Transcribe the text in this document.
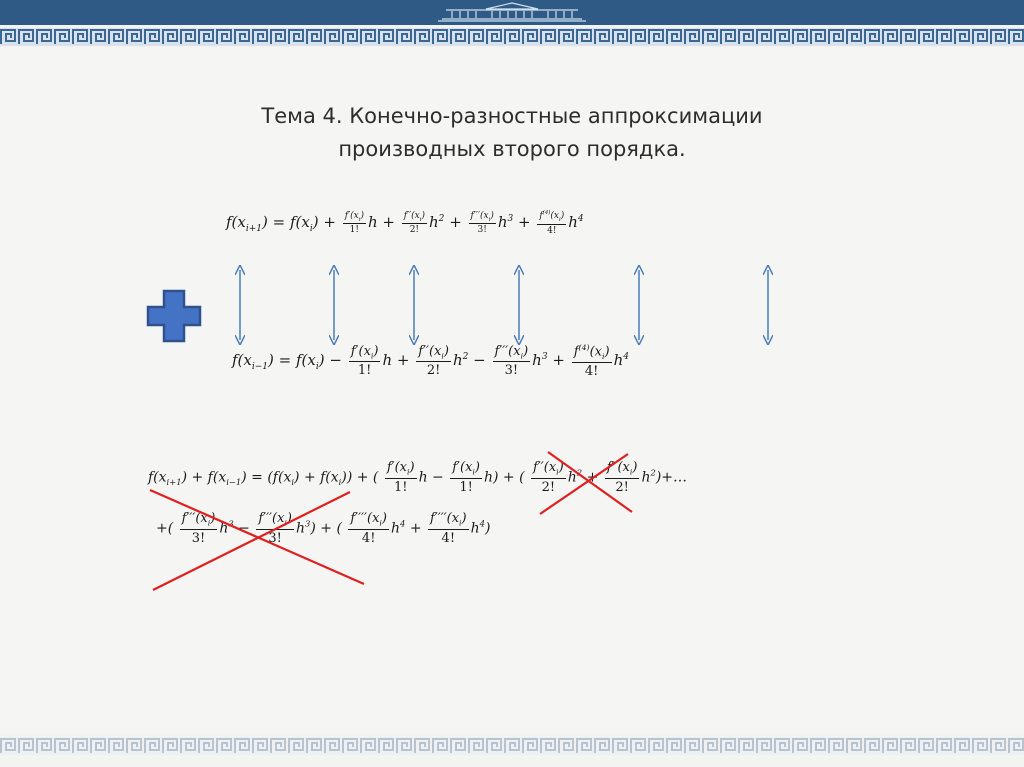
Тема 4. Конечно-разностные аппроксимации
производных второго порядка.
$f(x_{i+1}) = f(x_i) + \frac{f'(x_i)}{1!}$ $h + \frac{f''(x_i)}{2!} h^2 + \frac{f'''(x_i)}{3!} h^3 + \frac{f^{(4)}(x_i)}{4!} h^4$
$f(x_{i-1}) = f(x_i) - \frac{f'(x_i)}{1!}$ $h + \frac{f''(x_i)}{2!} h^2 - \frac{f'''(x_i)}{3!} h^3 + \frac{f^{(4)}(x_i)}{4!} h^4$
$f(x_{i+1}) + f(x_{i-1}) = (f(x_i) + f(x_i))$ + ( $\frac{f'(x_i)}{1!}$ $h - \frac{f'(x_i)}{1!} h$) + ( $\frac{f''(x_i)}{2!} h^2 + \frac{f''(x_i)}{2!}$ $h^2)+\dots$
+( $\frac{f'''(x_i)}{3!} h^3 - \frac{f'''(x_i)}{3!} h^3$) + ( $\frac{f''''(x_i)}{4!} h^4 + \frac{f''''(x_i)}{4!} h^4$)
